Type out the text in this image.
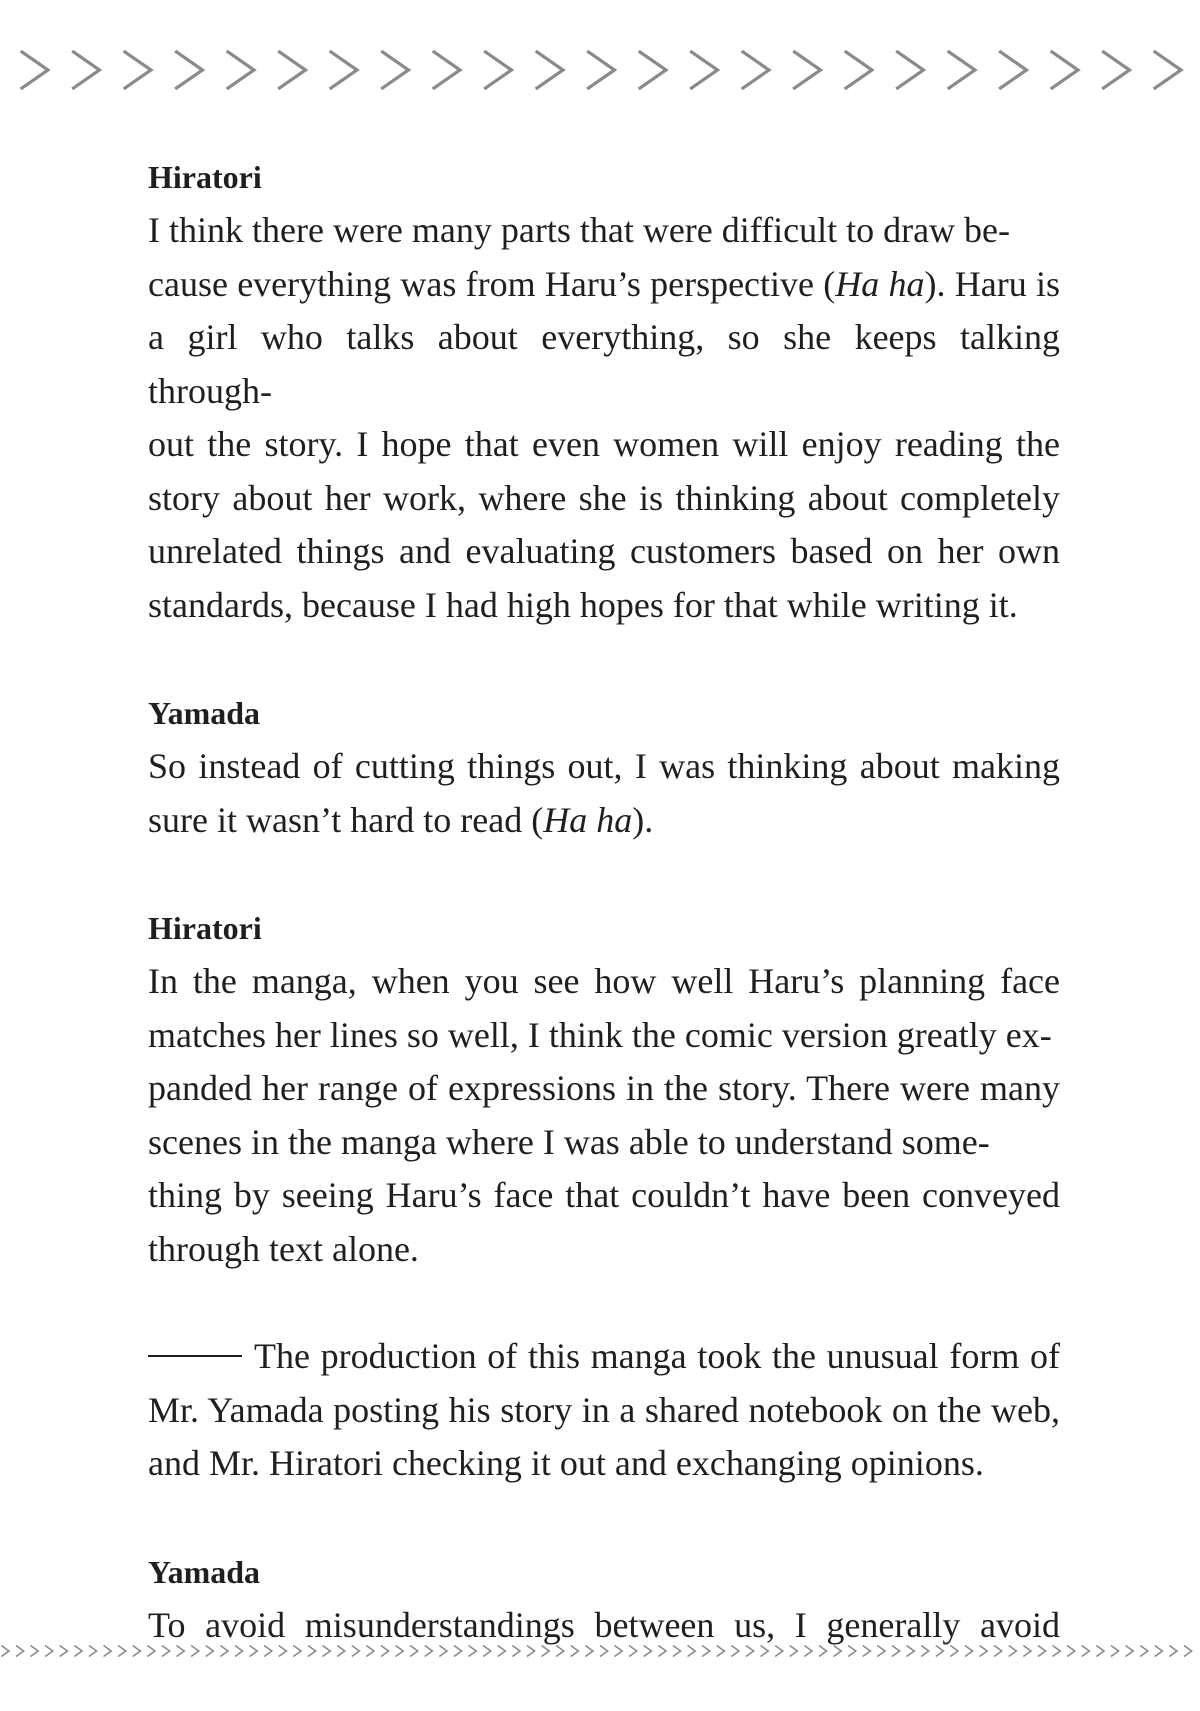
Hiratori

I think there were many parts that were difficult to draw be-
cause everything was from Haru’s perspective (Ha ha). Haru is a girl who talks about everything, so she keeps talking through-
out the story. I hope that even women will enjoy reading the story about her work, where she is thinking about completely unrelated things and evaluating customers based on her own standards, because I had high hopes for that while writing it.

Yamada

So instead of cutting things out, I was thinking about making sure it wasn’t hard to read (Ha ha).

Hiratori

In the manga, when you see how well Haru’s planning face matches her lines so well, I think the comic version greatly ex-
panded her range of expressions in the story. There were many scenes in the manga where I was able to understand some-
thing by seeing Haru’s face that couldn’t have been conveyed through text alone.

The production of this manga took the unusual form of Mr. Yamada posting his story in a shared notebook on the web, and Mr. Hiratori checking it out and exchanging opinions.

Yamada

To avoid misunderstandings between us, I generally avoid
